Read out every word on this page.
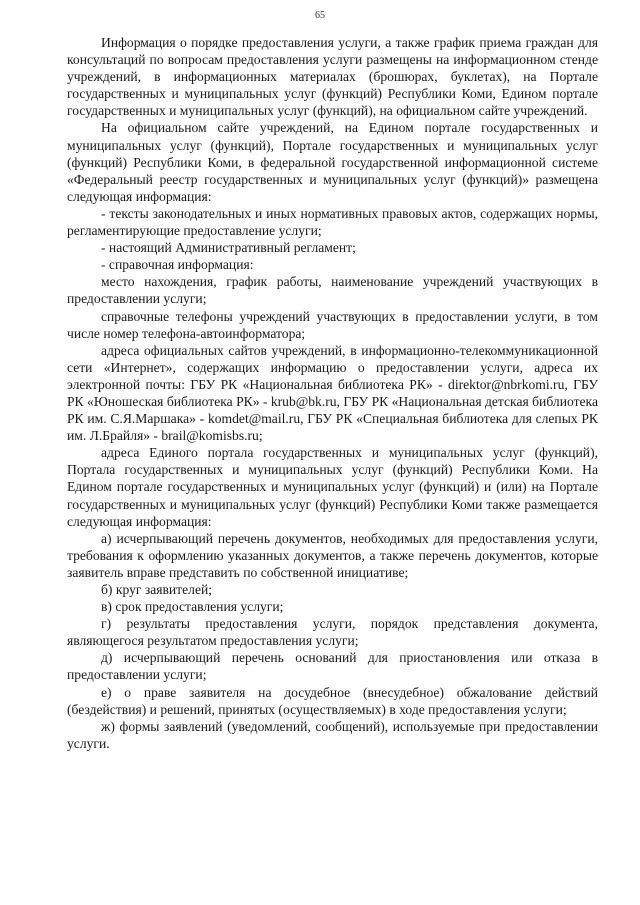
65

Информация о порядке предоставления услуги, а также график приема граждан для консультаций по вопросам предоставления услуги размещены на информационном стенде учреждений, в информационных материалах (брошюрах, буклетах), на Портале государственных и муниципальных услуг (функций) Республики Коми, Едином портале государственных и муниципальных услуг (функций), на официальном сайте учреждений.

На официальном сайте учреждений, на Едином портале государственных и муниципальных услуг (функций), Портале государственных и муниципальных услуг (функций) Республики Коми, в федеральной государственной информационной системе «Федеральный реестр государственных и муниципальных услуг (функций)» размещена следующая информация:

- тексты законодательных и иных нормативных правовых актов, содержащих нормы, регламентирующие предоставление услуги;

- настоящий Административный регламент;

- справочная информация:

место нахождения, график работы, наименование учреждений участвующих в предоставлении услуги;

справочные телефоны учреждений участвующих в предоставлении услуги, в том числе номер телефона-автоинформатора;

адреса официальных сайтов учреждений, в информационно-телекоммуникационной сети «Интернет», содержащих информацию о предоставлении услуги, адреса их электронной почты: ГБУ РК «Национальная библиотека РК» - direktor@nbrkomi.ru, ГБУ РК «Юношеская библиотека РК» - krub@bk.ru, ГБУ РК «Национальная детская библиотека РК им. С.Я.Маршака» - komdet@mail.ru, ГБУ РК «Специальная библиотека для слепых РК им. Л.Брайля» - brail@komisbs.ru;

адреса Единого портала государственных и муниципальных услуг (функций), Портала государственных и муниципальных услуг (функций) Республики Коми. На Едином портале государственных и муниципальных услуг (функций) и (или) на Портале государственных и муниципальных услуг (функций) Республики Коми также размещается следующая информация:

а) исчерпывающий перечень документов, необходимых для предоставления услуги, требования к оформлению указанных документов, а также перечень документов, которые заявитель вправе представить по собственной инициативе;

б) круг заявителей;

в) срок предоставления услуги;

г) результаты предоставления услуги, порядок представления документа, являющегося результатом предоставления услуги;

д) исчерпывающий перечень оснований для приостановления или отказа в предоставлении услуги;

е) о праве заявителя на досудебное (внесудебное) обжалование действий (бездействия) и решений, принятых (осуществляемых) в ходе предоставления услуги;

ж) формы заявлений (уведомлений, сообщений), используемые при предоставлении услуги.
